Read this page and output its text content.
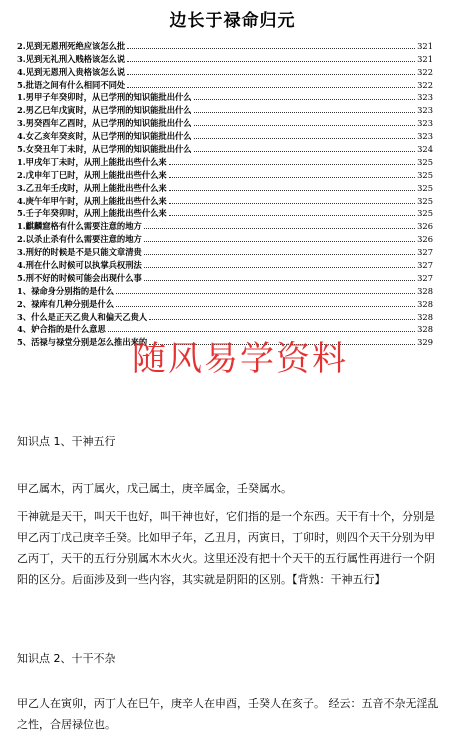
边长于禄命归元
2.见到无恩刑死绝应该怎么批	321
3.见到无礼刑入贱格该怎么说	321
4.见到无恩刑入贵格该怎么说	322
5.批语之间有什么相同不同处	322
1.男甲子年癸卯时，从已学刑的知识能批出什么	323
2.男乙巳年戊寅时，从已学刑的知识能批出什么	323
3.男癸酉年乙酉时，从已学刑的知识能批出什么	323
4.女乙亥年癸亥时，从已学刑的知识能批出什么	323
5.女癸丑年丁未时，从已学刑的知识能批出什么	324
1.甲戌年丁未时，从刑上能批出些什么来	325
2.戊申年丁巳时，从刑上能批出些什么来	325
3.乙丑年壬戌时，从刑上能批出些什么来	325
4.庚午年甲午时，从刑上能批出些什么来	325
5.壬子年癸卯时，从刑上能批出些什么来	325
1.麒麟窟格有什么需要注意的地方	326
2.以杀止杀有什么需要注意的地方	326
3.刑好的时候是不是只能文章清贵	327
4.刑在什么时候可以执掌兵权刑法	327
5.刑不好的时候可能会出现什么事	327
1、禄命身分别指的是什么	328
2、禄库有几种分别是什么	328
3、什么是正天乙贵人和偏天乙贵人	328
4、妒合指的是什么意思	328
5、活禄与禄堂分别是怎么推出来的	329
知识点 1、干神五行
甲乙属木，丙丁属火，戊己属土，庚辛属金，壬癸属水。
干神就是天干，叫天干也好，叫干神也好，它们指的是一个东西。天干有十个，分别是甲乙丙丁戊己庚辛壬癸。比如甲子年，乙丑月，丙寅日，丁卯时，则四个天干分别为甲乙丙丁，天干的五行分别属木木火火。这里还没有把十个天干的五行属性再进行一个阴阳的区分。后面涉及到一些内容，其实就是阴阳的区别。【背熟：干神五行】
知识点 2、十干不杂
甲乙人在寅卯，丙丁人在巳午，庚辛人在申酉，壬癸人在亥子。 经云：五音不杂无淫乱之性，合居禄位也。
随风易学资料
